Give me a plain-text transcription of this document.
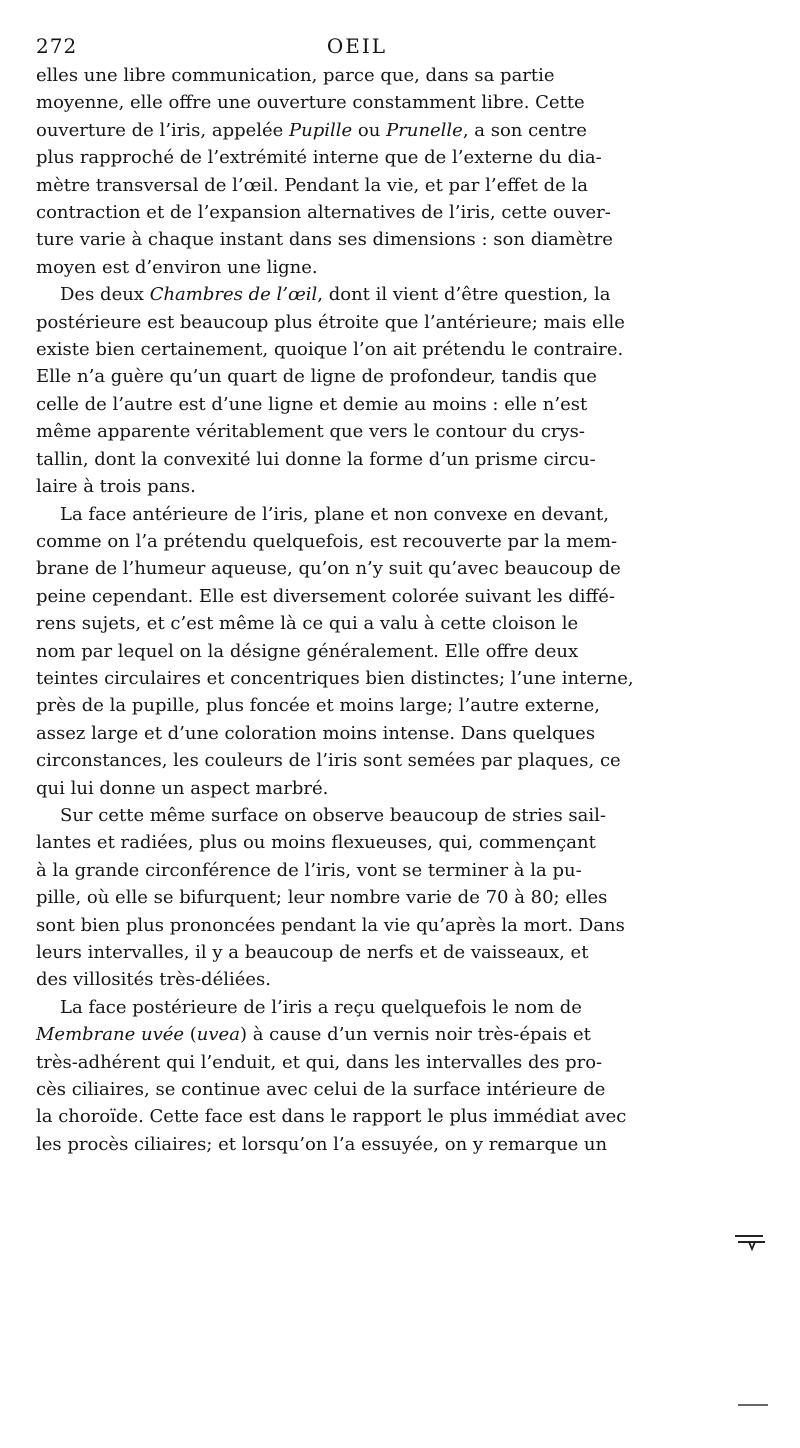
272	OEIL
elles une libre communication, parce que, dans sa partie
moyenne, elle offre une ouverture constamment libre. Cette
ouverture de l’iris, appelée Pupille ou Prunelle, a son centre
plus rapproché de l’extrémité interne que de l’externe du dia-
mètre transversal de l’œil. Pendant la vie, et par l’effet de la
contraction et de l’expansion alternatives de l’iris, cette ouver-
ture varie à chaque instant dans ses dimensions : son diamètre
moyen est d’environ une ligne.
Des deux Chambres de l’œil, dont il vient d’être question, la
postérieure est beaucoup plus étroite que l’antérieure; mais elle
existe bien certainement, quoique l’on ait prétendu le contraire.
Elle n’a guère qu’un quart de ligne de profondeur, tandis que
celle de l’autre est d’une ligne et demie au moins : elle n’est
même apparente véritablement que vers le contour du crys-
tallin, dont la convexité lui donne la forme d’un prisme circu-
laire à trois pans.
La face antérieure de l’iris, plane et non convexe en devant,
comme on l’a prétendu quelquefois, est recouverte par la mem-
brane de l’humeur aqueuse, qu’on n’y suit qu’avec beaucoup de
peine cependant. Elle est diversement colorée suivant les diffé-
rens sujets, et c’est même là ce qui a valu à cette cloison le
nom par lequel on la désigne généralement. Elle offre deux
teintes circulaires et concentriques bien distinctes; l’une interne,
près de la pupille, plus foncée et moins large; l’autre externe,
assez large et d’une coloration moins intense. Dans quelques
circonstances, les couleurs de l’iris sont semées par plaques, ce
qui lui donne un aspect marbré.
Sur cette même surface on observe beaucoup de stries sail-
lantes et radiées, plus ou moins flexueuses, qui, commençant
à la grande circonférence de l’iris, vont se terminer à la pu-
pille, où elle se bifurquent; leur nombre varie de 70 à 80; elles
sont bien plus prononcées pendant la vie qu’après la mort. Dans
leurs intervalles, il y a beaucoup de nerfs et de vaisseaux, et
des villosités très-déliées.
La face postérieure de l’iris a reçu quelquefois le nom de
Membrane uvée (uvea) à cause d’un vernis noir très-épais et
très-adhérent qui l’enduit, et qui, dans les intervalles des pro-
cès ciliaires, se continue avec celui de la surface intérieure de
la choroïde. Cette face est dans le rapport le plus immédiat avec
les procès ciliaires; et lorsqu’on l’a essuyée, on y remarque un
